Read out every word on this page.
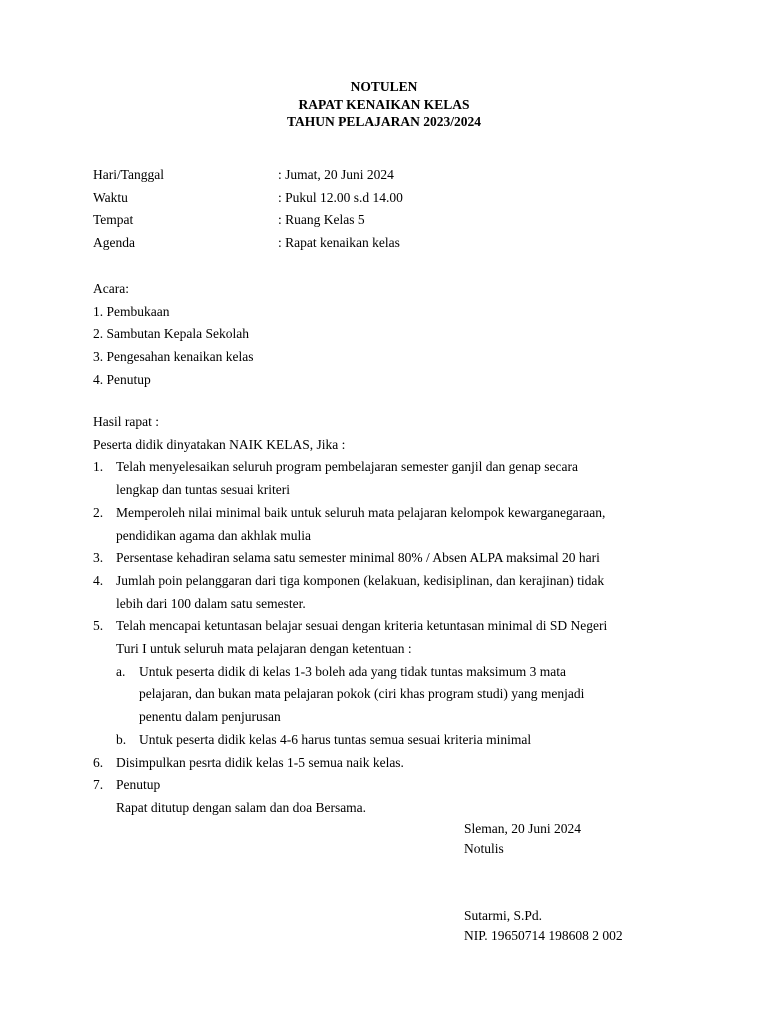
NOTULEN
RAPAT KENAIKAN KELAS
TAHUN PELAJARAN 2023/2024
Hari/Tanggal	: Jumat, 20 Juni 2024
Waktu	: Pukul 12.00 s.d 14.00
Tempat	: Ruang Kelas 5
Agenda	: Rapat kenaikan kelas
Acara:
1. Pembukaan
2. Sambutan Kepala Sekolah
3. Pengesahan kenaikan kelas
4. Penutup
Hasil rapat :
Peserta didik dinyatakan NAIK KELAS, Jika :
1. Telah menyelesaikan seluruh program pembelajaran semester ganjil dan genap secara
lengkap dan tuntas sesuai kriteri
2. Memperoleh nilai minimal baik untuk seluruh mata pelajaran kelompok kewarganegaraan,
pendidikan agama dan akhlak mulia
3. Persentase kehadiran selama satu semester minimal 80% / Absen ALPA maksimal 20 hari
4. Jumlah poin pelanggaran dari tiga komponen (kelakuan, kedisiplinan, dan kerajinan) tidak
lebih dari 100 dalam satu semester.
5. Telah mencapai ketuntasan belajar sesuai dengan kriteria ketuntasan minimal di SD Negeri
Turi I untuk seluruh mata pelajaran dengan ketentuan :
a. Untuk peserta didik di kelas 1-3 boleh ada yang tidak tuntas maksimum 3 mata
pelajaran, dan bukan mata pelajaran pokok (ciri khas program studi) yang menjadi
penentu dalam penjurusan
b. Untuk peserta didik kelas 4-6 harus tuntas semua sesuai kriteria minimal
6. Disimpulkan pesrta didik kelas 1-5 semua naik kelas.
7. Penutup
Rapat ditutup dengan salam dan doa Bersama.
Sleman, 20 Juni 2024
Notulis
Sutarmi, S.Pd.
NIP. 19650714 198608 2 002
